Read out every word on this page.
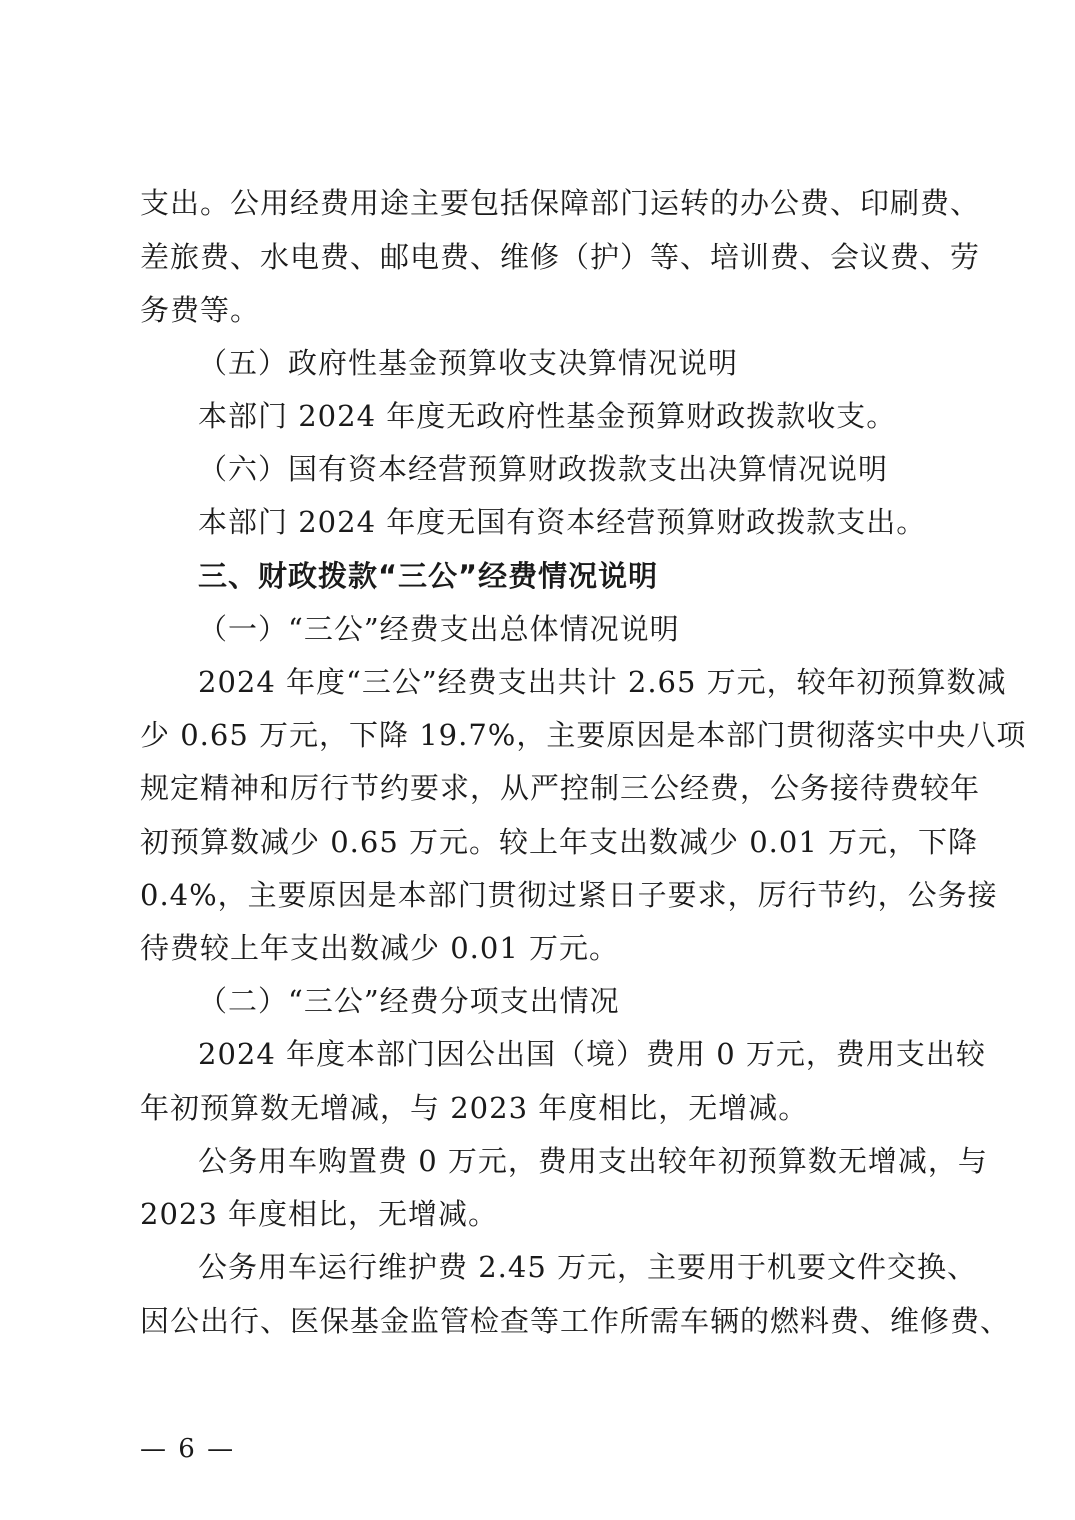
支出。公用经费用途主要包括保障部门运转的办公费、印刷费、
差旅费、水电费、邮电费、维修（护）等、培训费、会议费、劳
务费等。
（五）政府性基金预算收支决算情况说明
本部门 2024 年度无政府性基金预算财政拨款收支。
（六）国有资本经营预算财政拨款支出决算情况说明
本部门 2024 年度无国有资本经营预算财政拨款支出。
三、财政拨款“三公”经费情况说明
（一）“三公”经费支出总体情况说明
2024 年度“三公”经费支出共计 2.65 万元，较年初预算数减
少 0.65 万元，下降 19.7%，主要原因是本部门贯彻落实中央八项
规定精神和厉行节约要求，从严控制三公经费，公务接待费较年
初预算数减少 0.65 万元。较上年支出数减少 0.01 万元，下降
0.4%，主要原因是本部门贯彻过紧日子要求，厉行节约，公务接
待费较上年支出数减少 0.01 万元。
（二）“三公”经费分项支出情况
2024 年度本部门因公出国（境）费用 0 万元，费用支出较
年初预算数无增减，与 2023 年度相比，无增减。
公务用车购置费 0 万元，费用支出较年初预算数无增减，与
2023 年度相比，无增减。
公务用车运行维护费 2.45 万元，主要用于机要文件交换、
因公出行、医保基金监管检查等工作所需车辆的燃料费、维修费、
— 6 —
